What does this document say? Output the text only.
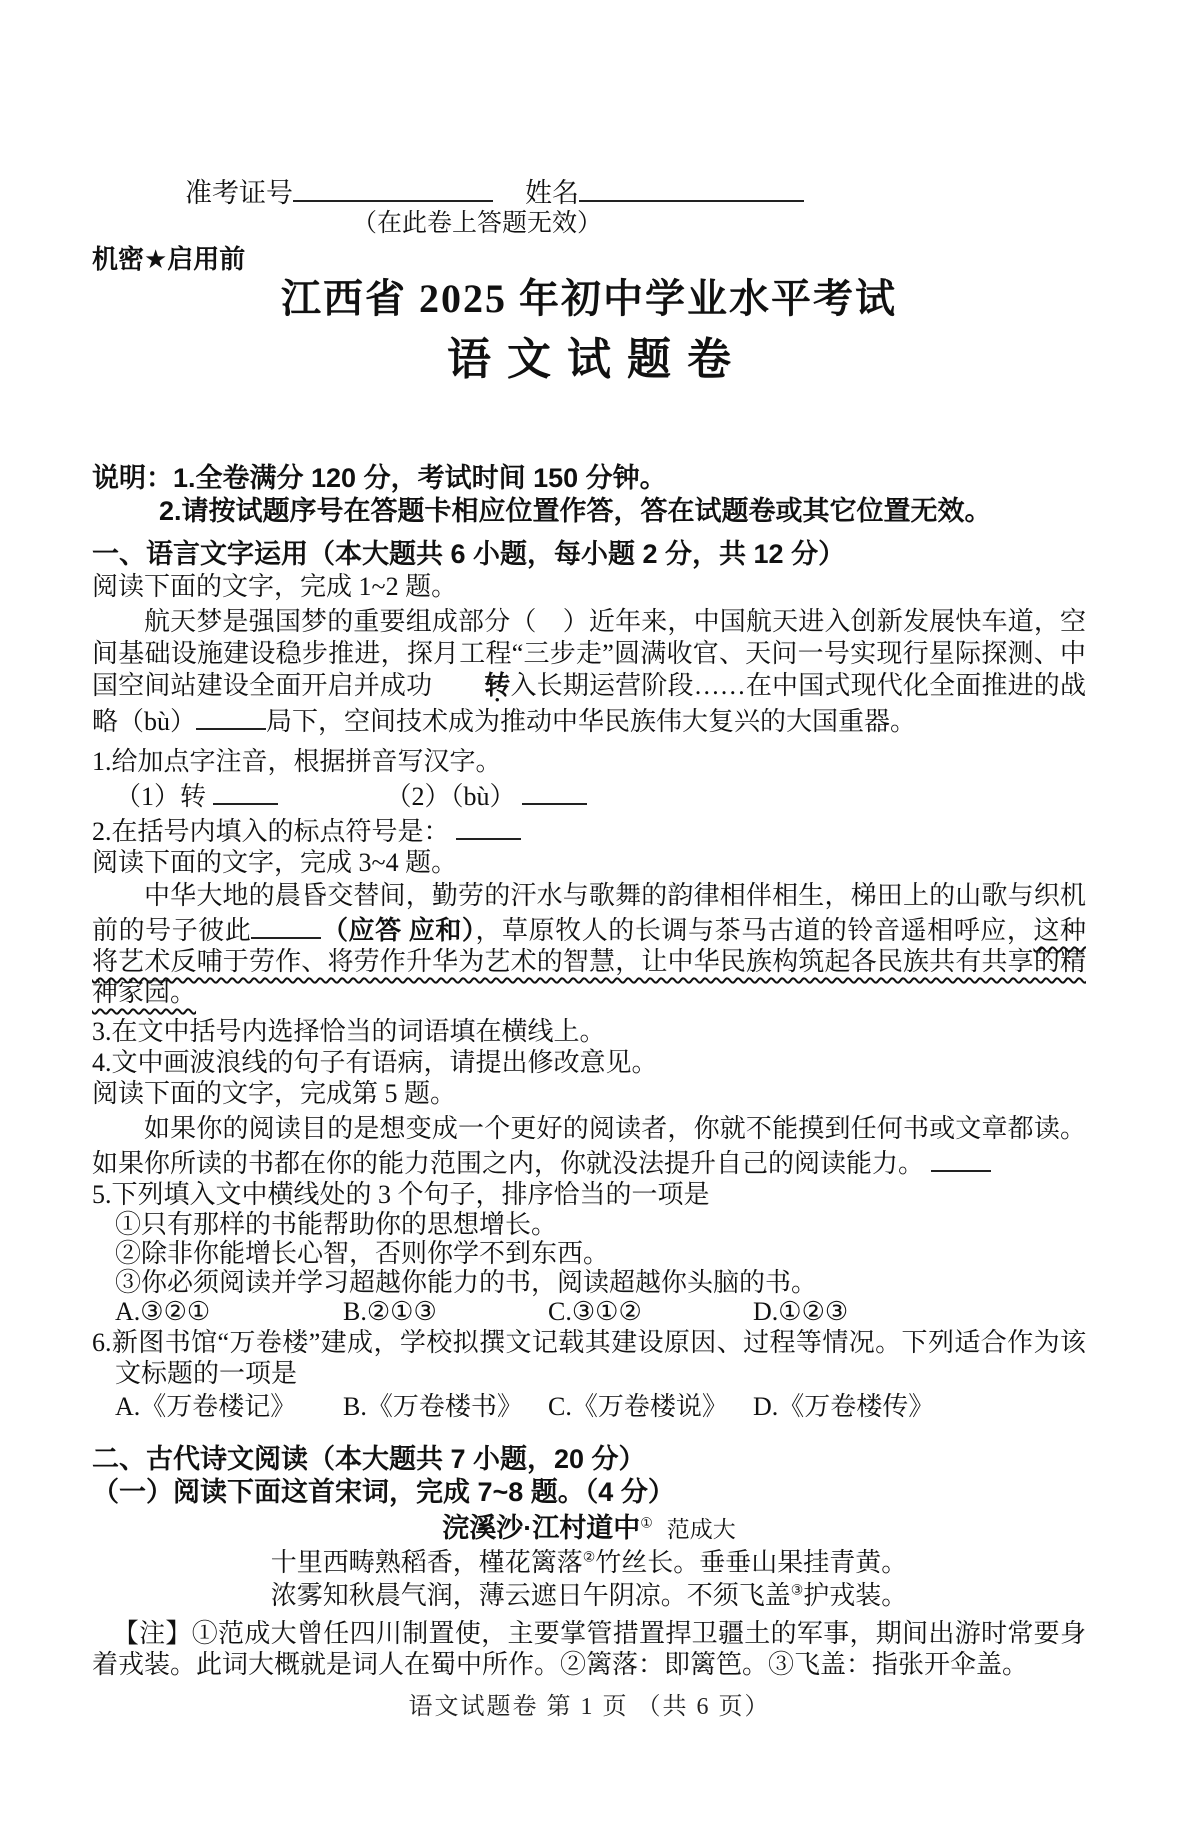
准考证号	姓名
（在此卷上答题无效）
机密★启用前
江西省 2025 年初中学业水平考试
语文试题卷

说明：1.全卷满分 120 分，考试时间 150 分钟。

2.请按试题序号在答题卡相应位置作答，答在试题卷或其它位置无效。

一、语言文字运用（本大题共 6 小题，每小题 2 分，共 12 分）

阅读下面的文字，完成 1~2 题。

航天梦是强国梦的重要组成部分（　）近年来，中国航天进入创新发展快车道，空间基础设施建设稳步推进，探月工程“三步走”圆满收官、天问一号实现行星际探测、中国空间站建设全面开启并成功 转入长期运营阶段……在中国式现代化全面推进的战略（bù）	局下，空间技术成为推动中华民族伟大复兴的大国重器。

1.给加点字注音，根据拼音写汉字。

（1）转	（2）（bù）

2.在括号内填入的标点符号是：

阅读下面的文字，完成 3~4 题。

中华大地的晨昏交替间，勤劳的汗水与歌舞的韵律相伴相生，梯田上的山歌与织机前的号子彼此	（应答 应和），草原牧人的长调与茶马古道的铃音遥相呼应，这种将艺术反哺于劳作、将劳作升华为艺术的智慧，让中华民族构筑起各民族共有共享的精神家园。

3.在文中括号内选择恰当的词语填在横线上。

4.文中画波浪线的句子有语病，请提出修改意见。

阅读下面的文字，完成第 5 题。

如果你的阅读目的是想变成一个更好的阅读者，你就不能摸到任何书或文章都读。如果你所读的书都在你的能力范围之内，你就没法提升自己的阅读能力。

5.下列填入文中横线处的 3 个句子，排序恰当的一项是

①只有那样的书能帮助你的思想增长。

②除非你能增长心智，否则你学不到东西。

③你必须阅读并学习超越你能力的书，阅读超越你头脑的书。

A.③②①	B.②①③	C.③①②	D.①②③

6.新图书馆“万卷楼”建成，学校拟撰文记载其建设原因、过程等情况。下列适合作为该文标题的一项是

A.《万卷楼记》	B.《万卷楼书》 C.《万卷楼说》 D.《万卷楼传》

二、古代诗文阅读（本大题共 7 小题，20 分）

（一）阅读下面这首宋词，完成 7~8 题。（4 分）

浣溪沙·江村道中① 范成大

十里西畴熟稻香，槿花篱落②竹丝长。垂垂山果挂青黄。

浓雾知秋晨气润，薄云遮日午阴凉。不须飞盖③护戎装。

【注】①范成大曾任四川制置使，主要掌管措置捍卫疆土的军事，期间出游时常要身着戎装。此词大概就是词人在蜀中所作。②篱落：即篱笆。③飞盖：指张开伞盖。

语文试题卷 第 1 页 （共 6 页）
